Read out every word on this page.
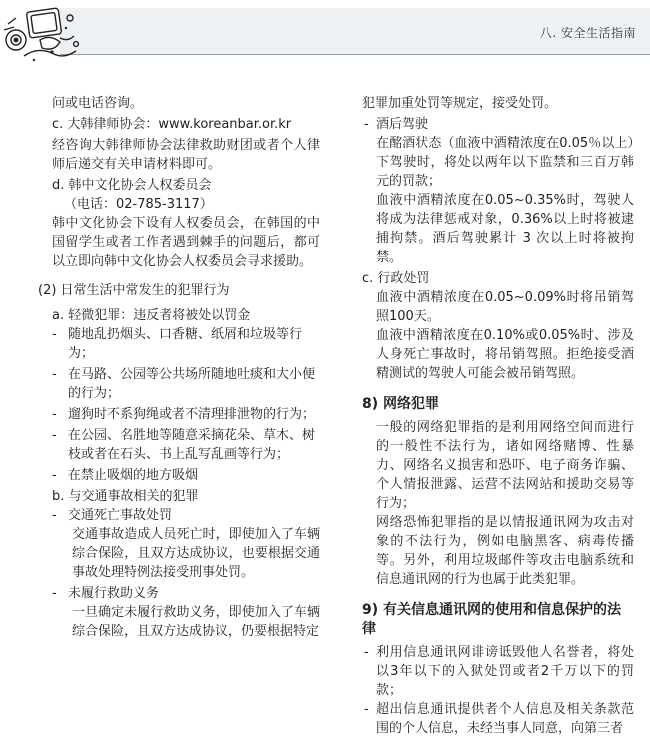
八. 安全生活指南

问或电话咨询。

c. 大韩律师协会：www.koreanbar.or.kr

经咨询大韩律师协会法律救助财团或者个人律师后递交有关申请材料即可。

d. 韩中文化协会人权委员会

（电话：02-785-3117）

韩中文化协会下设有人权委员会，在韩国的中国留学生或者工作者遇到棘手的问题后，都可以立即向韩中文化协会人权委员会寻求援助。

(2) 日常生活中常发生的犯罪行为

a. 轻微犯罪：违反者将被处以罚金

- 随地乱扔烟头、口香糖、纸屑和垃圾等行为；

- 在马路、公园等公共场所随地吐痰和大小便的行为；

- 遛狗时不系狗绳或者不清理排泄物的行为；

- 在公园、名胜地等随意采摘花朵、草木、树枝或者在石头、书上乱写乱画等行为；

- 在禁止吸烟的地方吸烟

b. 与交通事故相关的犯罪

- 交通死亡事故处罚

交通事故造成人员死亡时，即使加入了车辆综合保险，且双方达成协议，也要根据交通事故处理特例法接受刑事处罚。

- 未履行救助义务

一旦确定未履行救助义务，即使加入了车辆综合保险，且双方达成协议，仍要根据特定

犯罪加重处罚等规定，接受处罚。

- 酒后驾驶

在酩酒状态（血液中酒精浓度在0.05％以上）下驾驶时，将处以两年以下监禁和三百万韩元的罚款；

血液中酒精浓度在0.05~0.35%时，驾驶人将成为法律惩戒对象，0.36%以上时将被逮捕拘禁。酒后驾驶累计 3 次以上时将被拘禁。

c. 行政处罚

血液中酒精浓度在0.05~0.09%时将吊销驾照100天。

血液中酒精浓度在0.10%或0.05%时、涉及人身死亡事故时，将吊销驾照。拒绝接受酒精测试的驾驶人可能会被吊销驾照。

8) 网络犯罪

一般的网络犯罪指的是利用网络空间而进行的一般性不法行为，诸如网络赌博、性暴力、网络名义损害和恐吓、电子商务诈骗、个人情报泄露、运营不法网站和援助交易等行为；

网络恐怖犯罪指的是以情报通讯网为攻击对象的不法行为，例如电脑黑客、病毒传播等。另外，利用垃圾邮件等攻击电脑系统和信息通讯网的行为也属于此类犯罪。

9) 有关信息通讯网的使用和信息保护的法律

- 利用信息通讯网诽谤诋毁他人名誉者，将处以3年以下的入狱处罚或者2千万以下的罚款；

- 超出信息通讯提供者个人信息及相关条款范围的个人信息，未经当事人同意，向第三者
